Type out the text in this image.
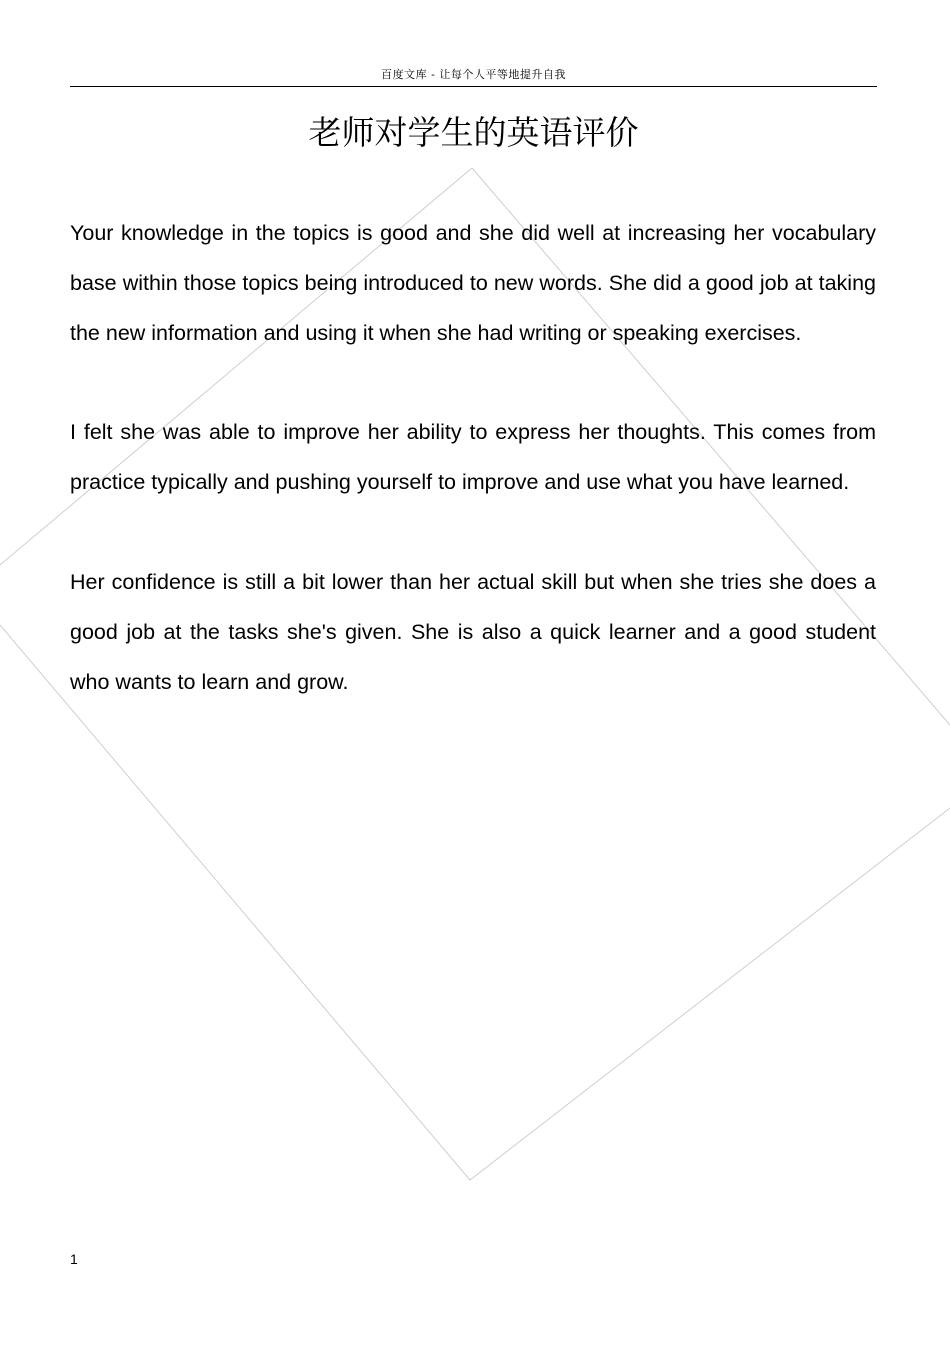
百度文库 - 让每个人平等地提升自我
老师对学生的英语评价

Your knowledge in the topics is good and she did well at increasing her vocabulary base within those topics being introduced to new words. She did a good job at taking the new information and using it when she had writing or speaking exercises.

I felt she was able to improve her ability to express her thoughts. This comes from practice typically and pushing yourself to improve and use what you have learned.

Her confidence is still a bit lower than her actual skill but when she tries she does a good job at the tasks she's given. She is also a quick learner and a good student who wants to learn and grow.

1
